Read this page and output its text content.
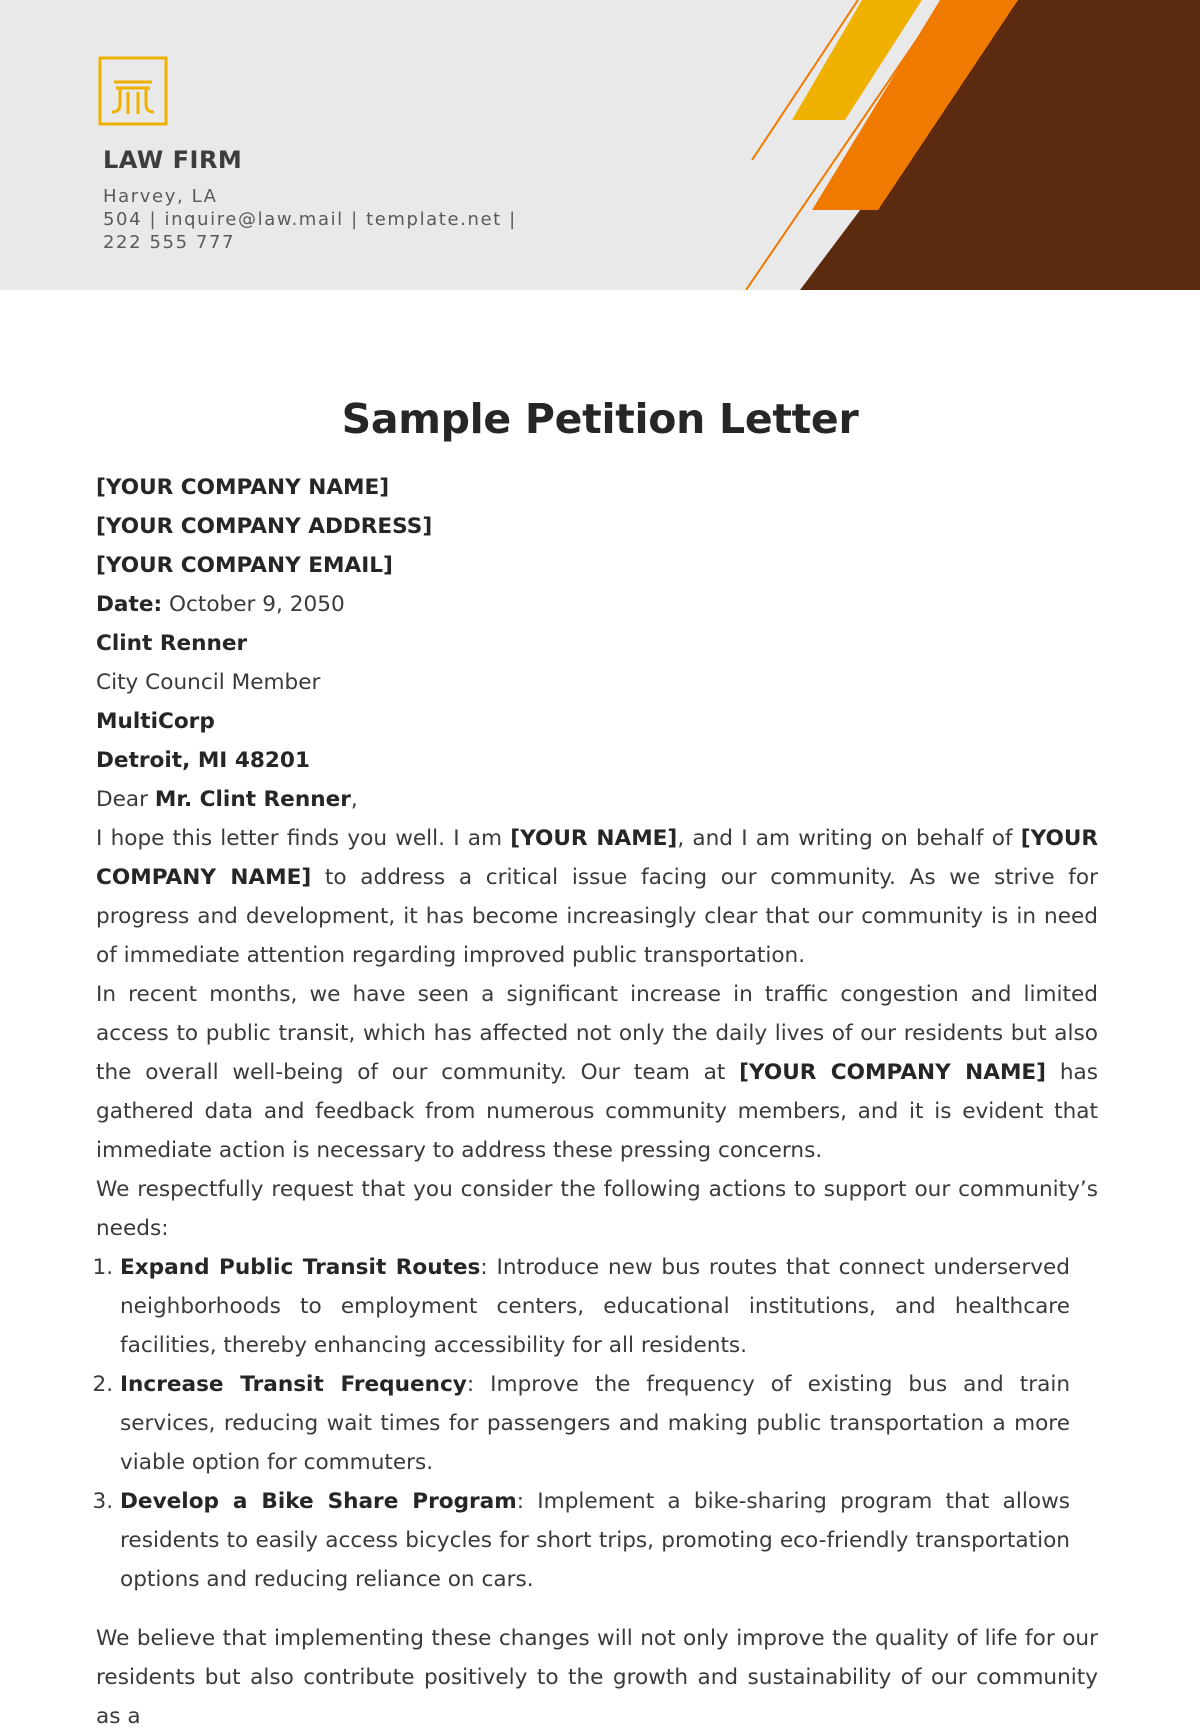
LAW FIRM
Harvey, LA
504 | inquire@law.mail | template.net |
222 555 777
Sample Petition Letter
[YOUR COMPANY NAME]
[YOUR COMPANY ADDRESS]
[YOUR COMPANY EMAIL]
Date: October 9, 2050
Clint Renner
City Council Member
MultiCorp
Detroit, MI 48201
Dear Mr. Clint Renner,
I hope this letter finds you well. I am [YOUR NAME], and I am writing on behalf of [YOUR COMPANY NAME] to address a critical issue facing our community. As we strive for progress and development, it has become increasingly clear that our community is in need of immediate attention regarding improved public transportation.
In recent months, we have seen a significant increase in traffic congestion and limited access to public transit, which has affected not only the daily lives of our residents but also the overall well-being of our community. Our team at [YOUR COMPANY NAME] has gathered data and feedback from numerous community members, and it is evident that immediate action is necessary to address these pressing concerns.
We respectfully request that you consider the following actions to support our community’s needs:
1. Expand Public Transit Routes: Introduce new bus routes that connect underserved neighborhoods to employment centers, educational institutions, and healthcare facilities, thereby enhancing accessibility for all residents.
2. Increase Transit Frequency: Improve the frequency of existing bus and train services, reducing wait times for passengers and making public transportation a more viable option for commuters.
3. Develop a Bike Share Program: Implement a bike-sharing program that allows residents to easily access bicycles for short trips, promoting eco-friendly transportation options and reducing reliance on cars.
We believe that implementing these changes will not only improve the quality of life for our residents but also contribute positively to the growth and sustainability of our community as a
